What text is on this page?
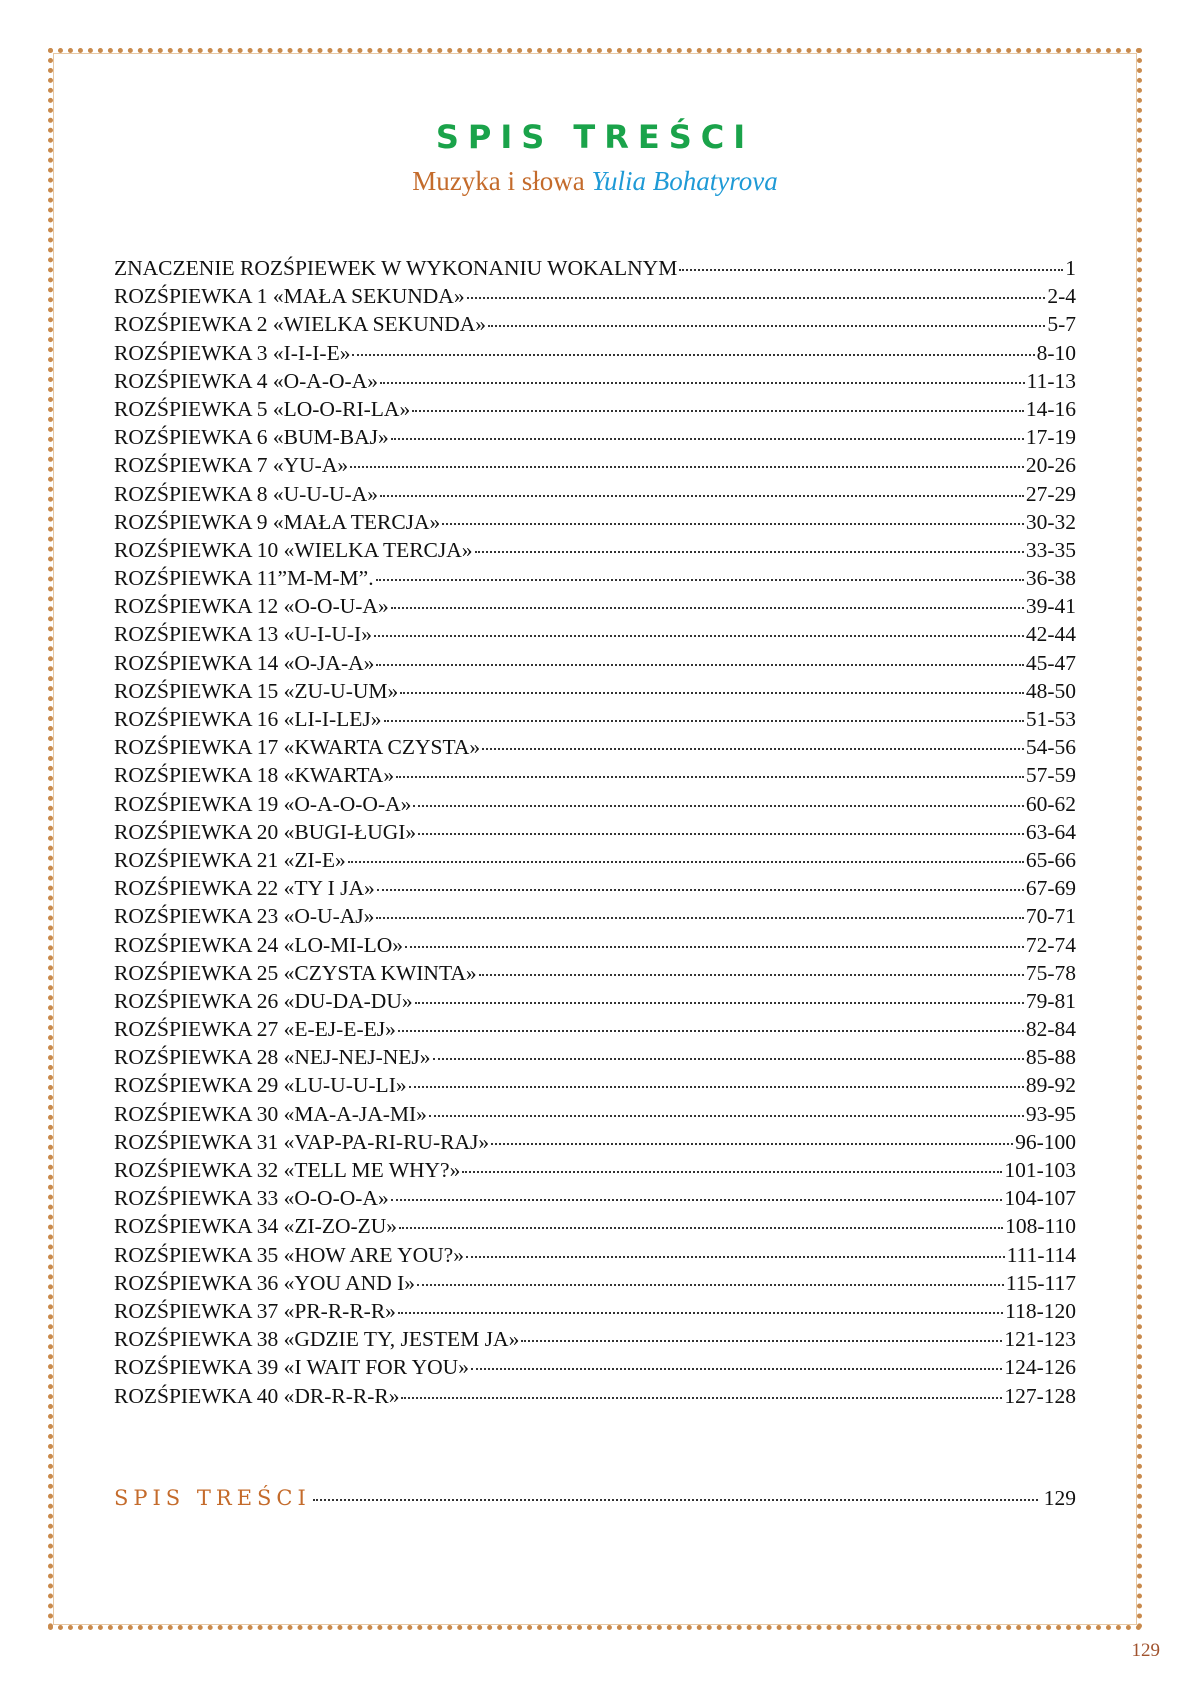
SPIS TREŚCI
Muzyka i słowa Yulia Bohatyrova
ZNACZENIE ROZŚPIEWEK W WYKONANIU WOKALNYM	1
ROZŚPIEWKA 1 «MAŁA SEKUNDA»	2-4
ROZŚPIEWKA 2 «WIELKA SEKUNDA»	5-7
ROZŚPIEWKA 3 «I-I-I-E»	8-10
ROZŚPIEWKA 4 «O-A-O-A»	11-13
ROZŚPIEWKA 5 «LO-O-RI-LA»	14-16
ROZŚPIEWKA 6 «BUM-BAJ»	17-19
ROZŚPIEWKA 7 «YU-A»	20-26
ROZŚPIEWKA 8 «U-U-U-A»	27-29
ROZŚPIEWKA 9 «MAŁA TERCJA»	30-32
ROZŚPIEWKA 10 «WIELKA TERCJA»	33-35
ROZŚPIEWKA 11”M-M-M”.	36-38
ROZŚPIEWKA 12 «O-O-U-A»	39-41
ROZŚPIEWKA 13 «U-I-U-I»	42-44
ROZŚPIEWKA 14 «O-JA-A»	45-47
ROZŚPIEWKA 15 «ZU-U-UM»	48-50
ROZŚPIEWKA 16 «LI-I-LEJ»	51-53
ROZŚPIEWKA 17 «KWARTA CZYSTA»	54-56
ROZŚPIEWKA 18 «KWARTA»	57-59
ROZŚPIEWKA 19 «O-A-O-O-A»	60-62
ROZŚPIEWKA 20 «BUGI-ŁUGI»	63-64
ROZŚPIEWKA 21 «ZI-E»	65-66
ROZŚPIEWKA 22 «TY I JA»	67-69
ROZŚPIEWKA 23 «O-U-AJ»	70-71
ROZŚPIEWKA 24 «LO-MI-LO»	72-74
ROZŚPIEWKA 25 «CZYSTA KWINTA»	75-78
ROZŚPIEWKA 26 «DU-DA-DU»	79-81
ROZŚPIEWKA 27 «E-EJ-E-EJ»	82-84
ROZŚPIEWKA 28 «NEJ-NEJ-NEJ»	85-88
ROZŚPIEWKA 29 «LU-U-U-LI»	89-92
ROZŚPIEWKA 30 «MA-A-JA-MI»	93-95
ROZŚPIEWKA 31 «VAP-PA-RI-RU-RAJ»	96-100
ROZŚPIEWKA 32 «TELL ME WHY?»	101-103
ROZŚPIEWKA 33 «O-O-O-A»	104-107
ROZŚPIEWKA 34 «ZI-ZO-ZU»	108-110
ROZŚPIEWKA 35 «HOW ARE YOU?»	111-114
ROZŚPIEWKA 36 «YOU AND I»	115-117
ROZŚPIEWKA 37 «PR-R-R-R»	118-120
ROZŚPIEWKA 38 «GDZIE TY, JESTEM JA»	121-123
ROZŚPIEWKA 39 «I WAIT FOR YOU»	124-126
ROZŚPIEWKA 40 «DR-R-R-R»	127-128
SPIS TREŚCI	129
129
